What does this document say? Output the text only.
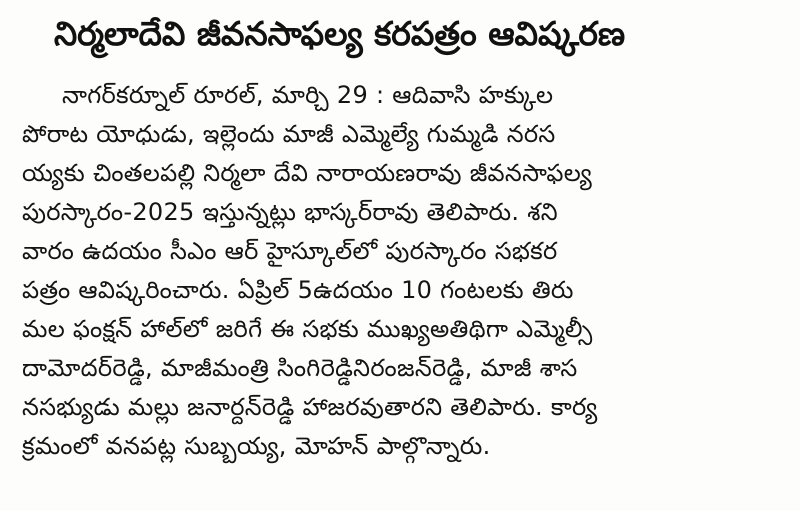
నిర్మలాదేవి జీవనసాఫల్య కరపత్రం ఆవిష్కరణ
నాగర్‌కర్నూల్ రూరల్, మార్చి 29 : ఆదివాసి హక్కుల
పోరాట యోధుడు, ఇల్లెందు మాజీ ఎమ్మెల్యే గుమ్మడి నరస
య్యకు చింతలపల్లి నిర్మలా దేవి నారాయణరావు జీవనసాఫల్య
పురస్కారం-2025 ఇస్తున్నట్లు భాస్కర్‌రావు తెలిపారు. శని
వారం ఉదయం సీఎం ఆర్ హైస్కూల్‌లో పురస్కారం సభకర
పత్రం ఆవిష్కరించారు. ఏప్రిల్ 5ఉదయం 10 గంటలకు తిరు
మల ఫంక్షన్ హాల్‌లో జరిగే ఈ సభకు ముఖ్యఅతిథిగా ఎమ్మెల్సీ
దామోదర్‌రెడ్డి, మాజీమంత్రి సింగిరెడ్డినిరంజన్‌రెడ్డి, మాజీ శాస
నసభ్యుడు మల్లు జనార్దన్‌రెడ్డి హాజరవుతారని తెలిపారు. కార్య
క్రమంలో వనపట్ల సుబ్బయ్య, మోహన్ పాల్గొన్నారు.
